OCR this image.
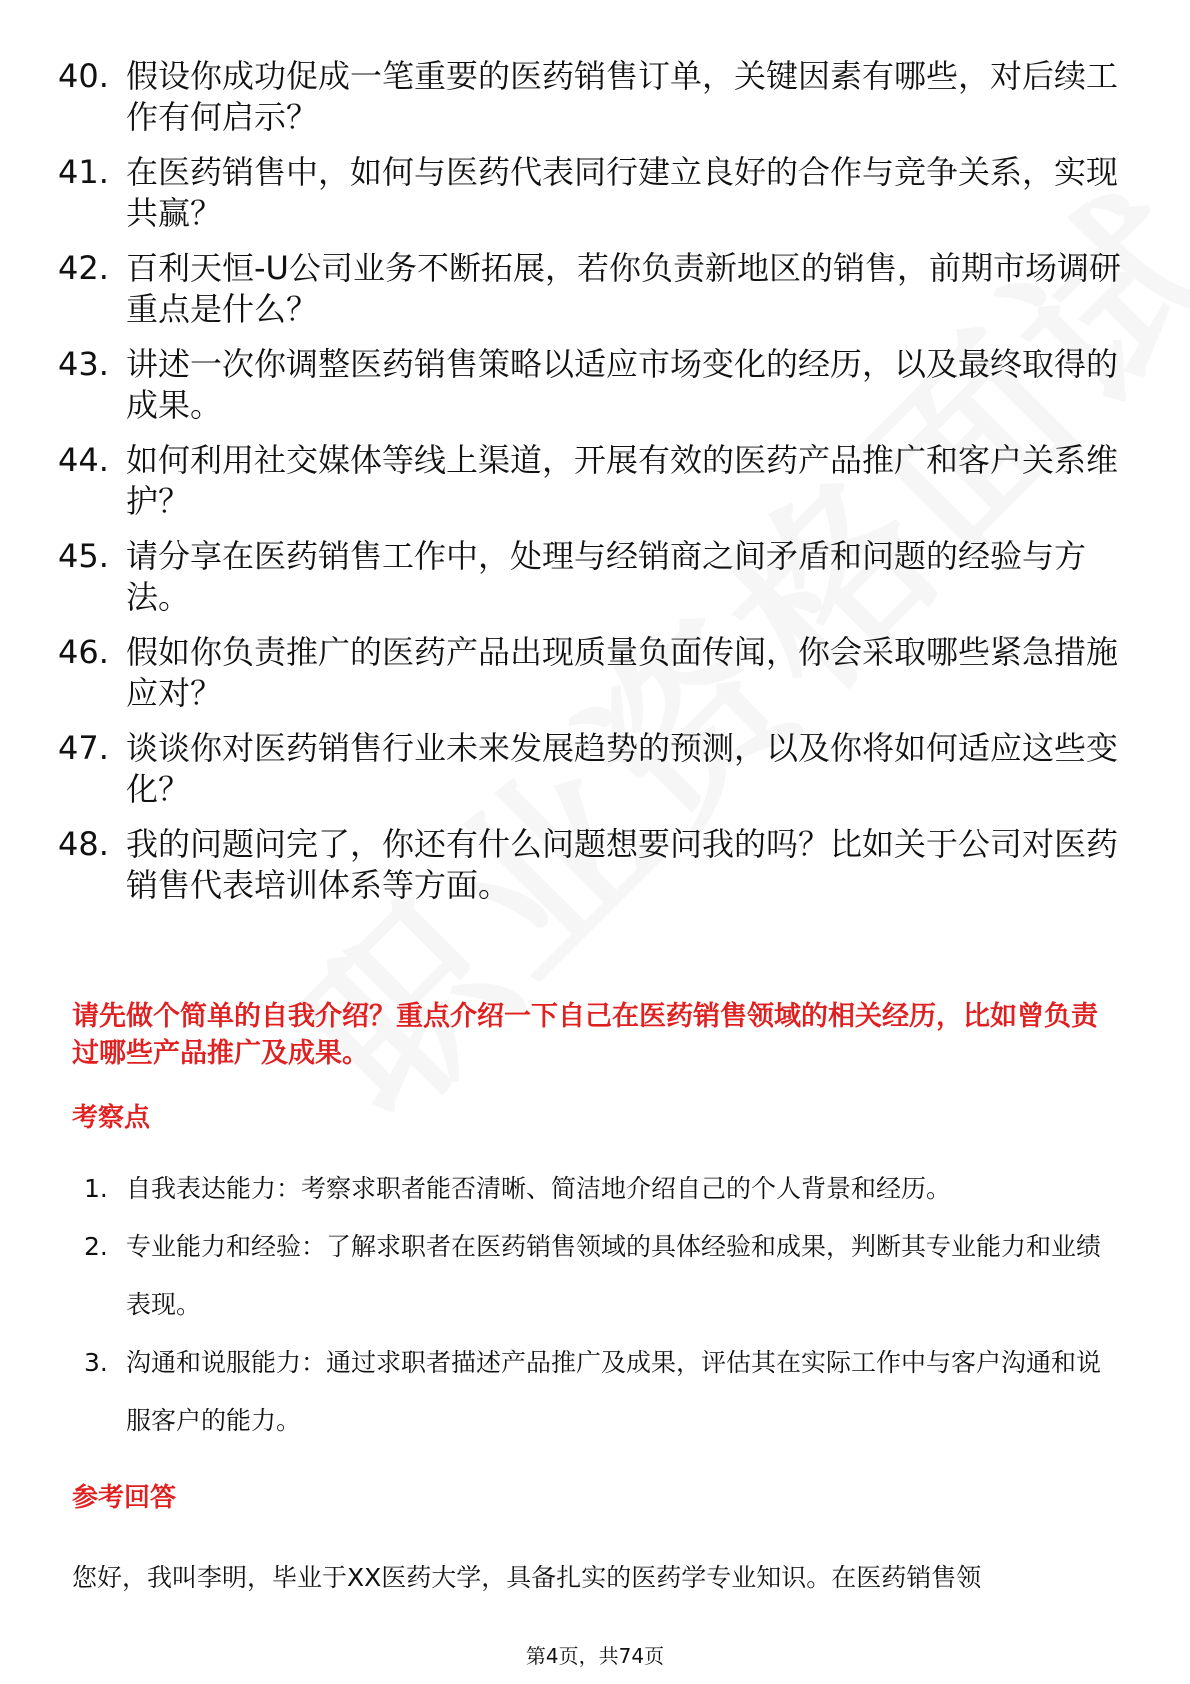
40. 假设你成功促成一笔重要的医药销售订单，关键因素有哪些，对后续工作有何启示？
41. 在医药销售中，如何与医药代表同行建立良好的合作与竞争关系，实现共赢？
42. 百利天恒-U公司业务不断拓展，若你负责新地区的销售，前期市场调研重点是什么？
43. 讲述一次你调整医药销售策略以适应市场变化的经历，以及最终取得的成果。
44. 如何利用社交媒体等线上渠道，开展有效的医药产品推广和客户关系维护？
45. 请分享在医药销售工作中，处理与经销商之间矛盾和问题的经验与方法。
46. 假如你负责推广的医药产品出现质量负面传闻，你会采取哪些紧急措施应对？
47. 谈谈你对医药销售行业未来发展趋势的预测，以及你将如何适应这些变化？
48. 我的问题问完了，你还有什么问题想要问我的吗？比如关于公司对医药销售代表培训体系等方面。
请先做个简单的自我介绍？重点介绍一下自己在医药销售领域的相关经历，比如曾负责过哪些产品推广及成果。
考察点
1. 自我表达能力：考察求职者能否清晰、简洁地介绍自己的个人背景和经历。
2. 专业能力和经验：了解求职者在医药销售领域的具体经验和成果，判断其专业能力和业绩表现。
3. 沟通和说服能力：通过求职者描述产品推广及成果，评估其在实际工作中与客户沟通和说服客户的能力。
参考回答
您好，我叫李明，毕业于XX医药大学，具备扎实的医药学专业知识。在医药销售领
第4页，共74页
